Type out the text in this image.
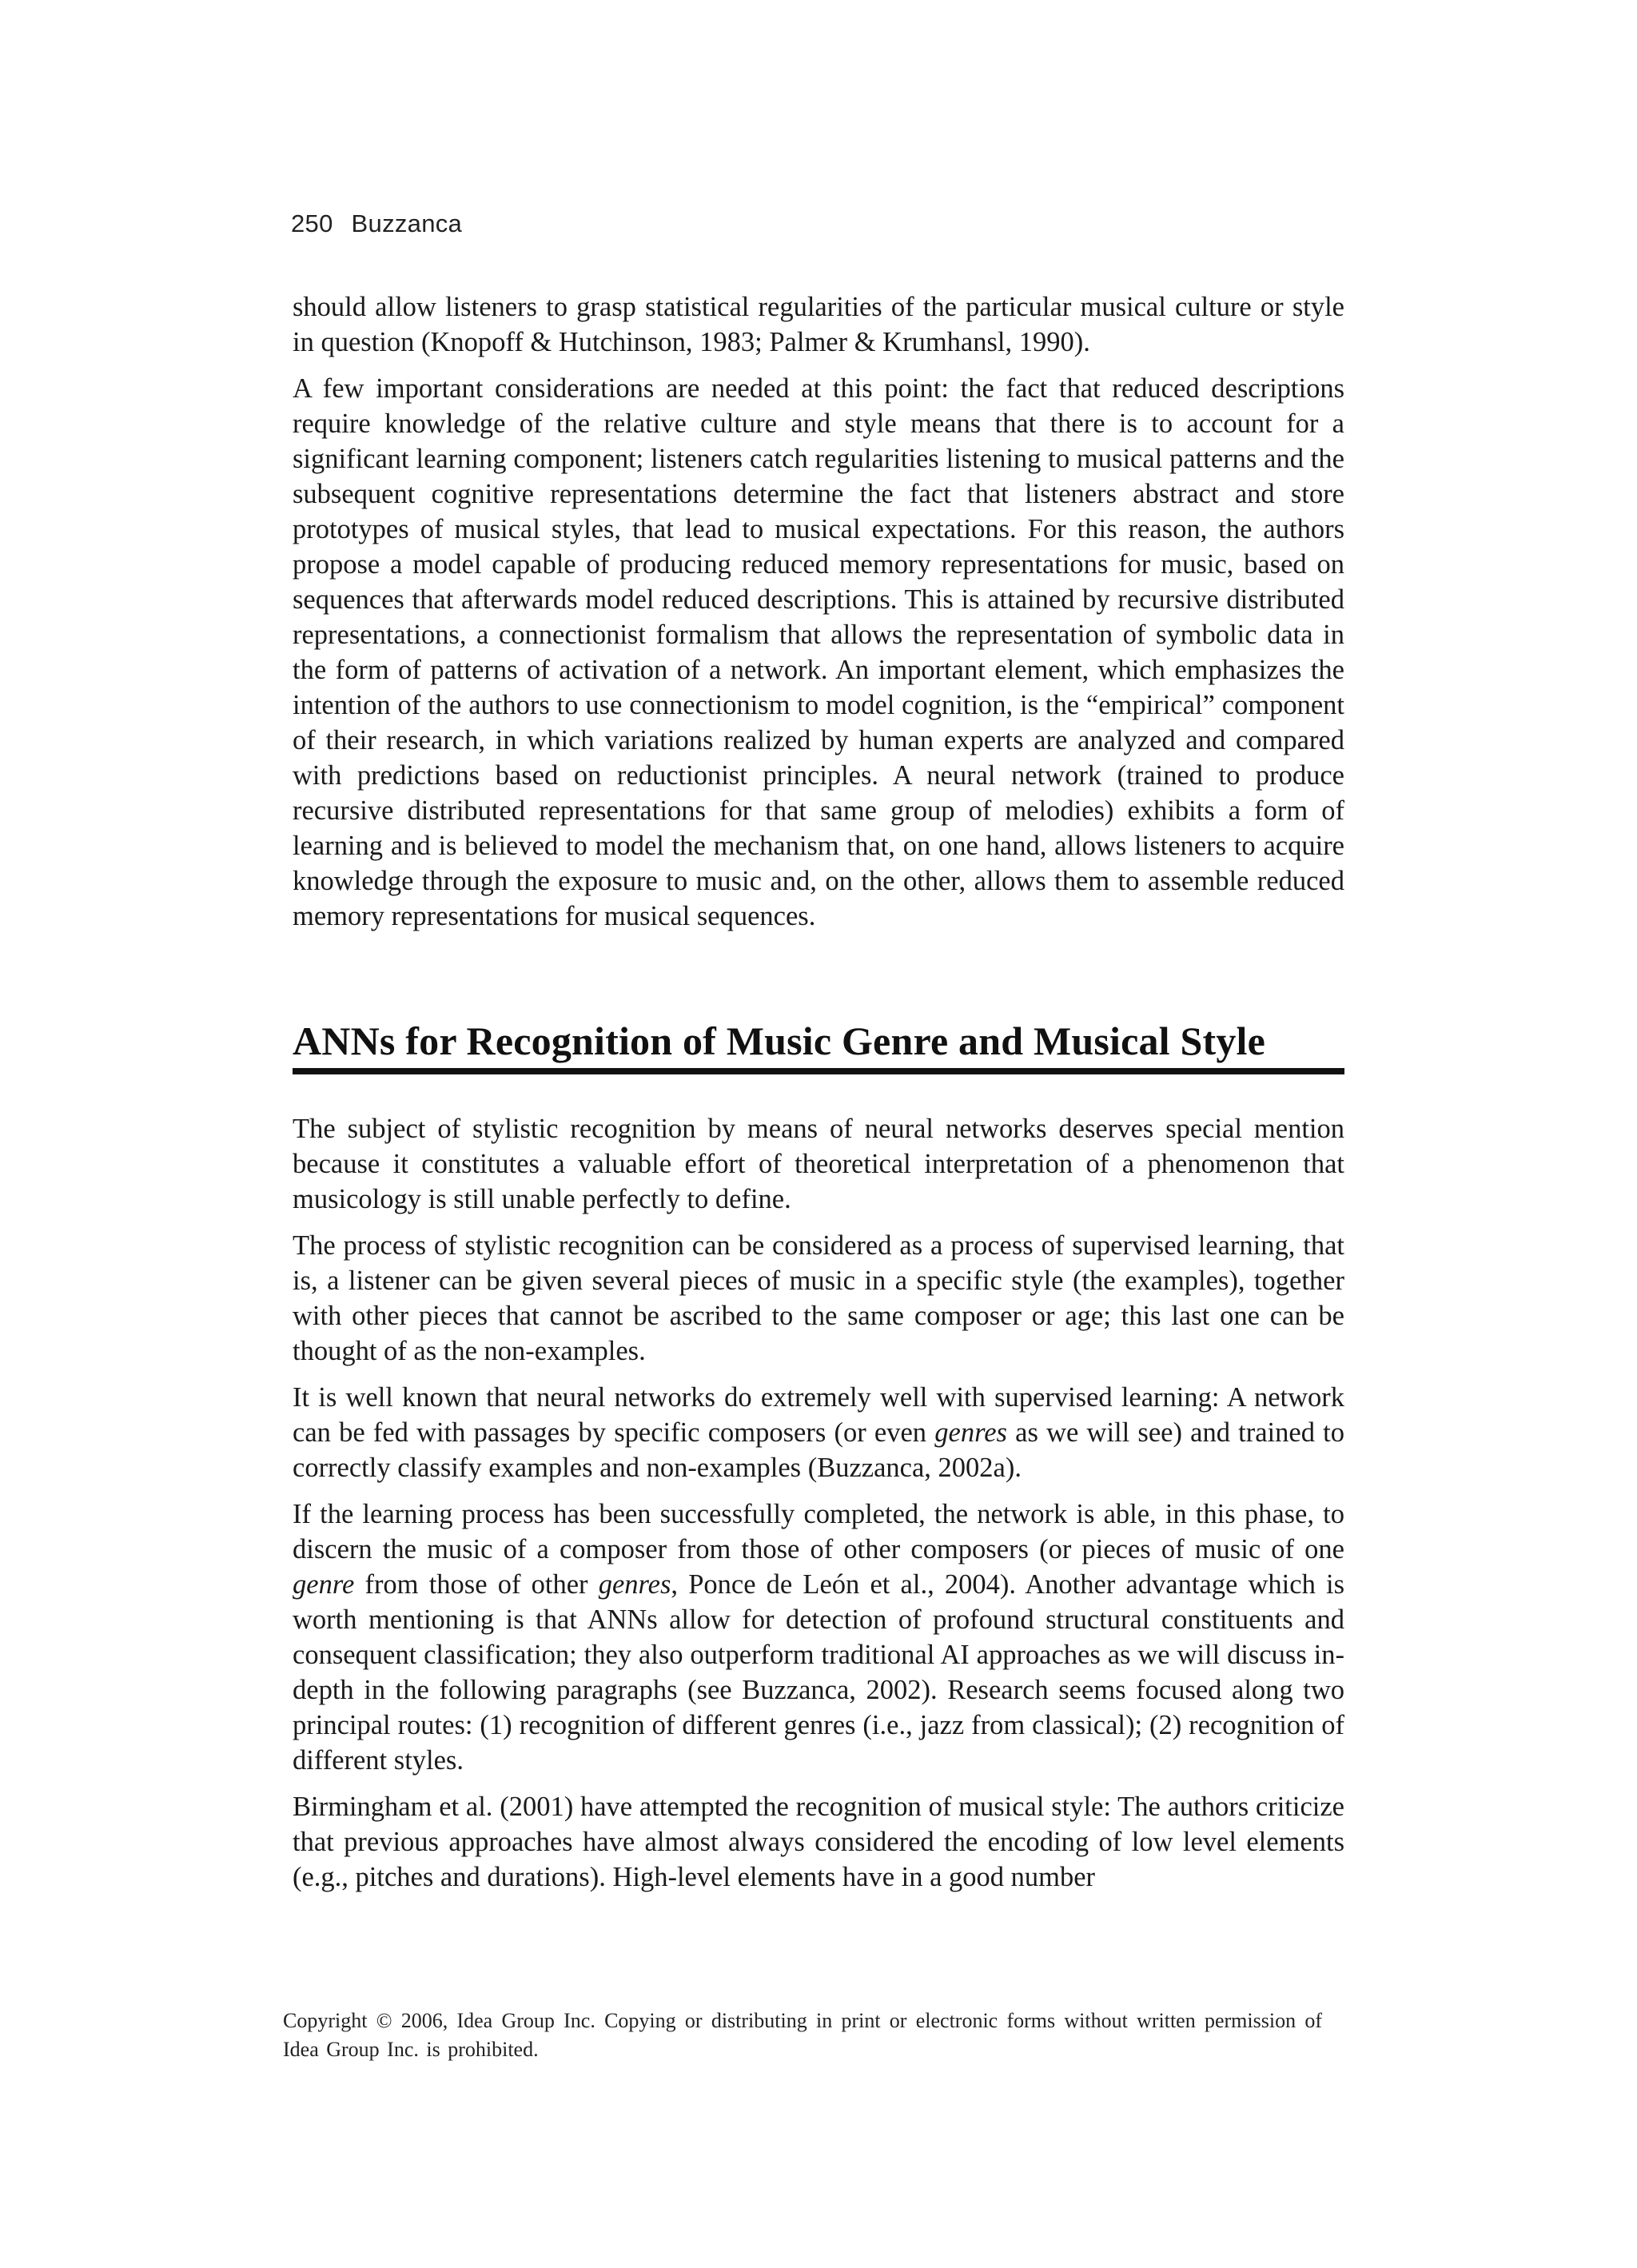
250 Buzzanca

should allow listeners to grasp statistical regularities of the particular musical culture or style in question (Knopoff & Hutchinson, 1983; Palmer & Krumhansl, 1990).

A few important considerations are needed at this point: the fact that reduced descriptions require knowledge of the relative culture and style means that there is to account for a significant learning component; listeners catch regularities listening to musical patterns and the subsequent cognitive representations determine the fact that listeners abstract and store prototypes of musical styles, that lead to musical expectations. For this reason, the authors propose a model capable of producing reduced memory representations for music, based on sequences that afterwards model reduced descriptions. This is attained by recursive distributed representations, a connectionist formalism that allows the representation of symbolic data in the form of patterns of activation of a network. An important element, which emphasizes the intention of the authors to use connectionism to model cognition, is the “empirical” component of their research, in which variations realized by human experts are analyzed and compared with predictions based on reductionist principles. A neural network (trained to produce recursive distributed representations for that same group of melodies) exhibits a form of learning and is believed to model the mechanism that, on one hand, allows listeners to acquire knowledge through the exposure to music and, on the other, allows them to assemble reduced memory representations for musical sequences.

ANNs for Recognition of Music Genre and Musical Style

The subject of stylistic recognition by means of neural networks deserves special mention because it constitutes a valuable effort of theoretical interpretation of a phenomenon that musicology is still unable perfectly to define.

The process of stylistic recognition can be considered as a process of supervised learning, that is, a listener can be given several pieces of music in a specific style (the examples), together with other pieces that cannot be ascribed to the same composer or age; this last one can be thought of as the non-examples.

It is well known that neural networks do extremely well with supervised learning: A network can be fed with passages by specific composers (or even genres as we will see) and trained to correctly classify examples and non-examples (Buzzanca, 2002a).

If the learning process has been successfully completed, the network is able, in this phase, to discern the music of a composer from those of other composers (or pieces of music of one genre from those of other genres, Ponce de León et al., 2004). Another advantage which is worth mentioning is that ANNs allow for detection of profound structural constituents and consequent classification; they also outperform traditional AI approaches as we will discuss in-depth in the following paragraphs (see Buzzanca, 2002). Research seems focused along two principal routes: (1) recognition of different genres (i.e., jazz from classical); (2) recognition of different styles.

Birmingham et al. (2001) have attempted the recognition of musical style: The authors criticize that previous approaches have almost always considered the encoding of low level elements (e.g., pitches and durations). High-level elements have in a good number

Copyright © 2006, Idea Group Inc. Copying or distributing in print or electronic forms without written permission of Idea Group Inc. is prohibited.
